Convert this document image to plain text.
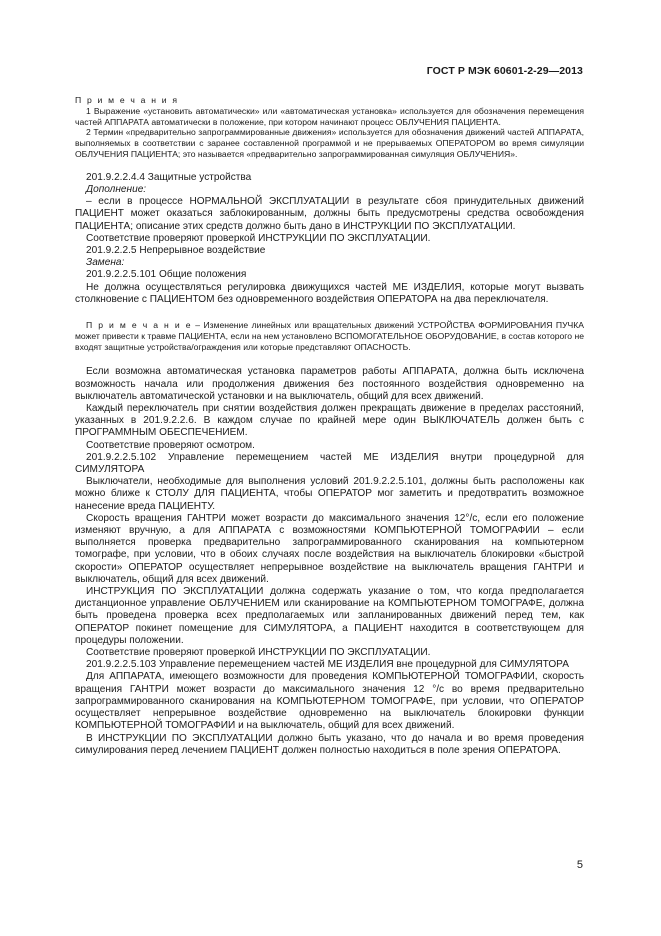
ГОСТ Р МЭК 60601-2-29—2013

П р и м е ч а н и я

1 Выражение «установить автоматически» или «автоматическая установка» используется для обозначения перемещения частей АППАРАТА автоматически в положение, при котором начинают процесс ОБЛУЧЕНИЯ ПАЦИЕНТА.

2 Термин «предварительно запрограммированные движения» используется для обозначения движений частей АППАРАТА, выполняемых в соответствии с заранее составленной программой и не прерываемых ОПЕРАТОРОМ во время симуляции ОБЛУЧЕНИЯ ПАЦИЕНТА; это называется «предварительно запрограммированная симуляция ОБЛУЧЕНИЯ».

201.9.2.2.4.4 Защитные устройства

Дополнение:

– если в процессе НОРМАЛЬНОЙ ЭКСПЛУАТАЦИИ в результате сбоя принудительных движений ПАЦИЕНТ может оказаться заблокированным, должны быть предусмотрены средства освобождения ПАЦИЕНТА; описание этих средств должно быть дано в ИНСТРУКЦИИ ПО ЭКСПЛУАТАЦИИ.

Соответствие проверяют проверкой ИНСТРУКЦИИ ПО ЭКСПЛУАТАЦИИ.

201.9.2.2.5 Непрерывное воздействие

Замена:

201.9.2.2.5.101 Общие положения

Не должна осуществляться регулировка движущихся частей МЕ ИЗДЕЛИЯ, которые могут вызвать столкновение с ПАЦИЕНТОМ без одновременного воздействия ОПЕРАТОРА на два переключателя.

П р и м е ч а н и е – Изменение линейных или вращательных движений УСТРОЙСТВА ФОРМИРОВАНИЯ ПУЧКА может привести к травме ПАЦИЕНТА, если на нем установлено ВСПОМОГАТЕЛЬНОЕ ОБОРУДОВАНИЕ, в состав которого не входят защитные устройства/ограждения или которые представляют ОПАСНОСТЬ.

Если возможна автоматическая установка параметров работы АППАРАТА, должна быть исключена возможность начала или продолжения движения без постоянного воздействия одновременно на выключатель автоматической установки и на выключатель, общий для всех движений.

Каждый переключатель при снятии воздействия должен прекращать движение в пределах расстояний, указанных в 201.9.2.2.6. В каждом случае по крайней мере один ВЫКЛЮЧАТЕЛЬ должен быть с ПРОГРАММНЫМ ОБЕСПЕЧЕНИЕМ.

Соответствие проверяют осмотром.

201.9.2.2.5.102 Управление перемещением частей МЕ ИЗДЕЛИЯ внутри процедурной для СИМУЛЯТОРА

Выключатели, необходимые для выполнения условий 201.9.2.2.5.101, должны быть расположены как можно ближе к СТОЛУ ДЛЯ ПАЦИЕНТА, чтобы ОПЕРАТОР мог заметить и предотвратить возможное нанесение вреда ПАЦИЕНТУ.

Скорость вращения ГАНТРИ может возрасти до максимального значения 12°/c, если его положение изменяют вручную, а для АППАРАТА с возможностями КОМПЬЮТЕРНОЙ ТОМОГРАФИИ – если выполняется проверка предварительно запрограммированного сканирования на компьютерном томографе, при условии, что в обоих случаях после воздействия на выключатель блокировки «быстрой скорости» ОПЕРАТОР осуществляет непрерывное воздействие на выключатель вращения ГАНТРИ и выключатель, общий для всех движений.

ИНСТРУКЦИЯ ПО ЭКСПЛУАТАЦИИ должна содержать указание о том, что когда предполагается дистанционное управление ОБЛУЧЕНИЕМ или сканирование на КОМПЬЮТЕРНОМ ТОМОГРАФЕ, должна быть проведена проверка всех предполагаемых или запланированных движений перед тем, как ОПЕРАТОР покинет помещение для СИМУЛЯТОРА, а ПАЦИЕНТ находится в соответствующем для процедуры положении.

Соответствие проверяют проверкой ИНСТРУКЦИИ ПО ЭКСПЛУАТАЦИИ.

201.9.2.2.5.103 Управление перемещением частей МЕ ИЗДЕЛИЯ вне процедурной для СИМУЛЯТОРА

Для АППАРАТА, имеющего возможности для проведения КОМПЬЮТЕРНОЙ ТОМОГРАФИИ, скорость вращения ГАНТРИ может возрасти до максимального значения 12 °/с во время предварительно запрограммированного сканирования на КОМПЬЮТЕРНОМ ТОМОГРАФЕ, при условии, что ОПЕРАТОР осуществляет непрерывное воздействие одновременно на выключатель блокировки функции КОМПЬЮТЕРНОЙ ТОМОГРАФИИ и на выключатель, общий для всех движений.

В ИНСТРУКЦИИ ПО ЭКСПЛУАТАЦИИ должно быть указано, что до начала и во время проведения симулирования перед лечением ПАЦИЕНТ должен полностью находиться в поле зрения ОПЕРАТОРА.

5
